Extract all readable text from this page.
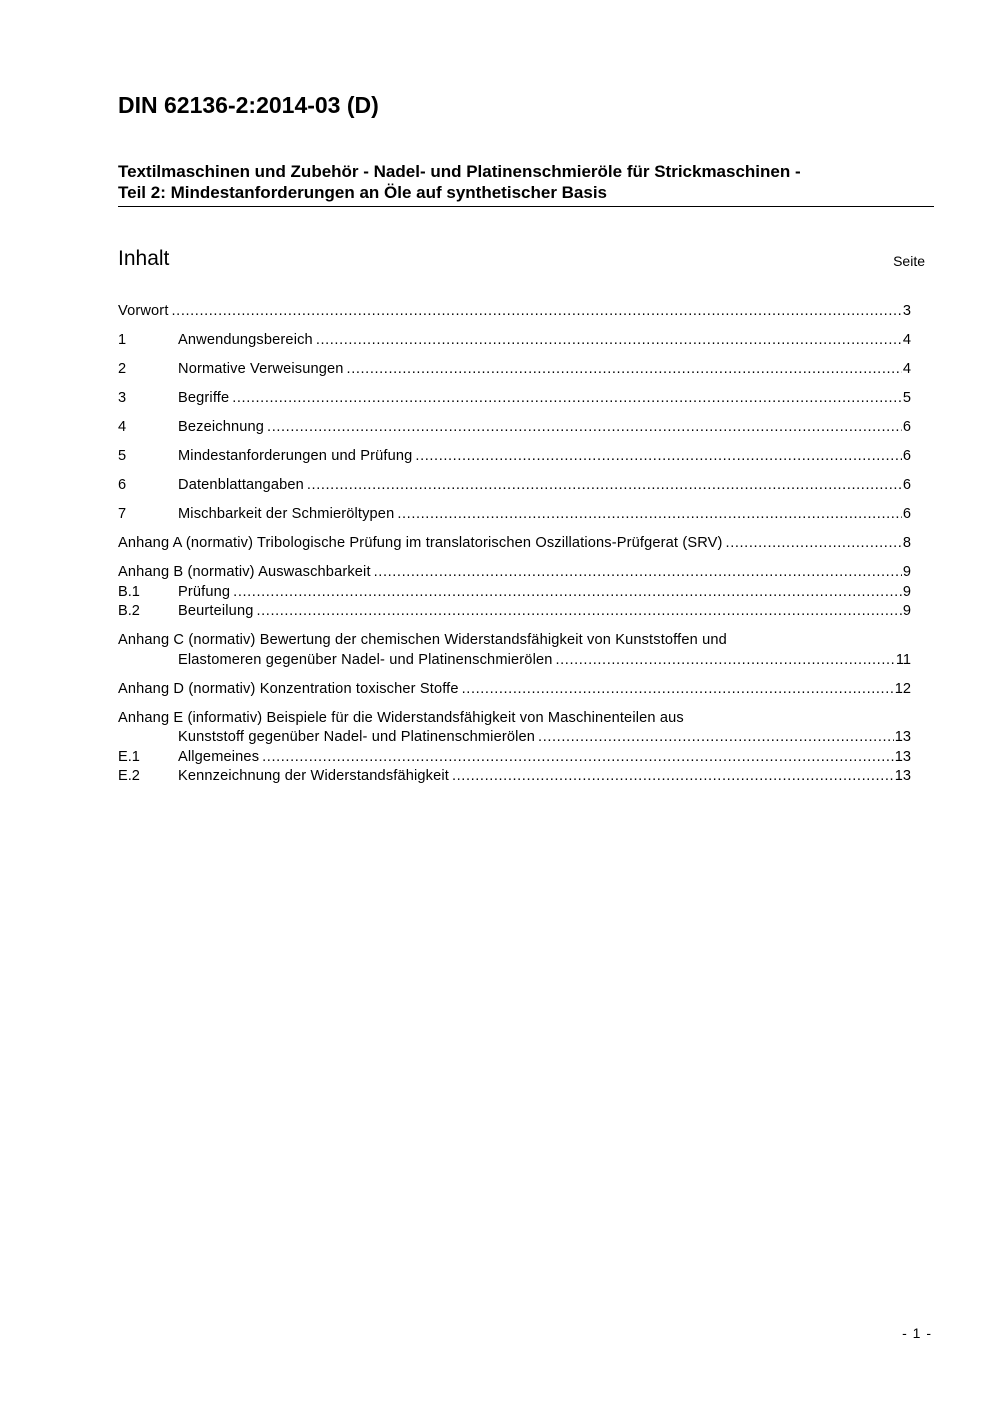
DIN 62136-2:2014-03 (D)
Textilmaschinen und Zubehör - Nadel- und Platinenschmieröle für Strickmaschinen -
Teil 2: Mindestanforderungen an Öle auf synthetischer Basis
Inhalt	Seite
Vorwort .....	3
1	Anwendungsbereich .....	4
2	Normative Verweisungen .....	4
3	Begriffe .....	5
4	Bezeichnung .....	6
5	Mindestanforderungen und Prüfung .....	6
6	Datenblattangaben .....	6
7	Mischbarkeit der Schmieröltypen .....	6
Anhang A (normativ) Tribologische Prüfung im translatorischen Oszillations-Prüfgerat (SRV) .....	8
Anhang B (normativ) Auswaschbarkeit .....	9
B.1	Prüfung .....	9
B.2	Beurteilung .....	9
Anhang C (normativ) Bewertung der chemischen Widerstandsfähigkeit von Kunststoffen und
Elastomeren gegenüber Nadel- und Platinenschmierölen .....	11
Anhang D (normativ) Konzentration toxischer Stoffe .....	12
Anhang E (informativ) Beispiele für die Widerstandsfähigkeit von Maschinenteilen aus
Kunststoff gegenüber Nadel- und Platinenschmierölen .....	13
E.1	Allgemeines .....	13
E.2	Kennzeichnung der Widerstandsfähigkeit .....	13
- 1 -
